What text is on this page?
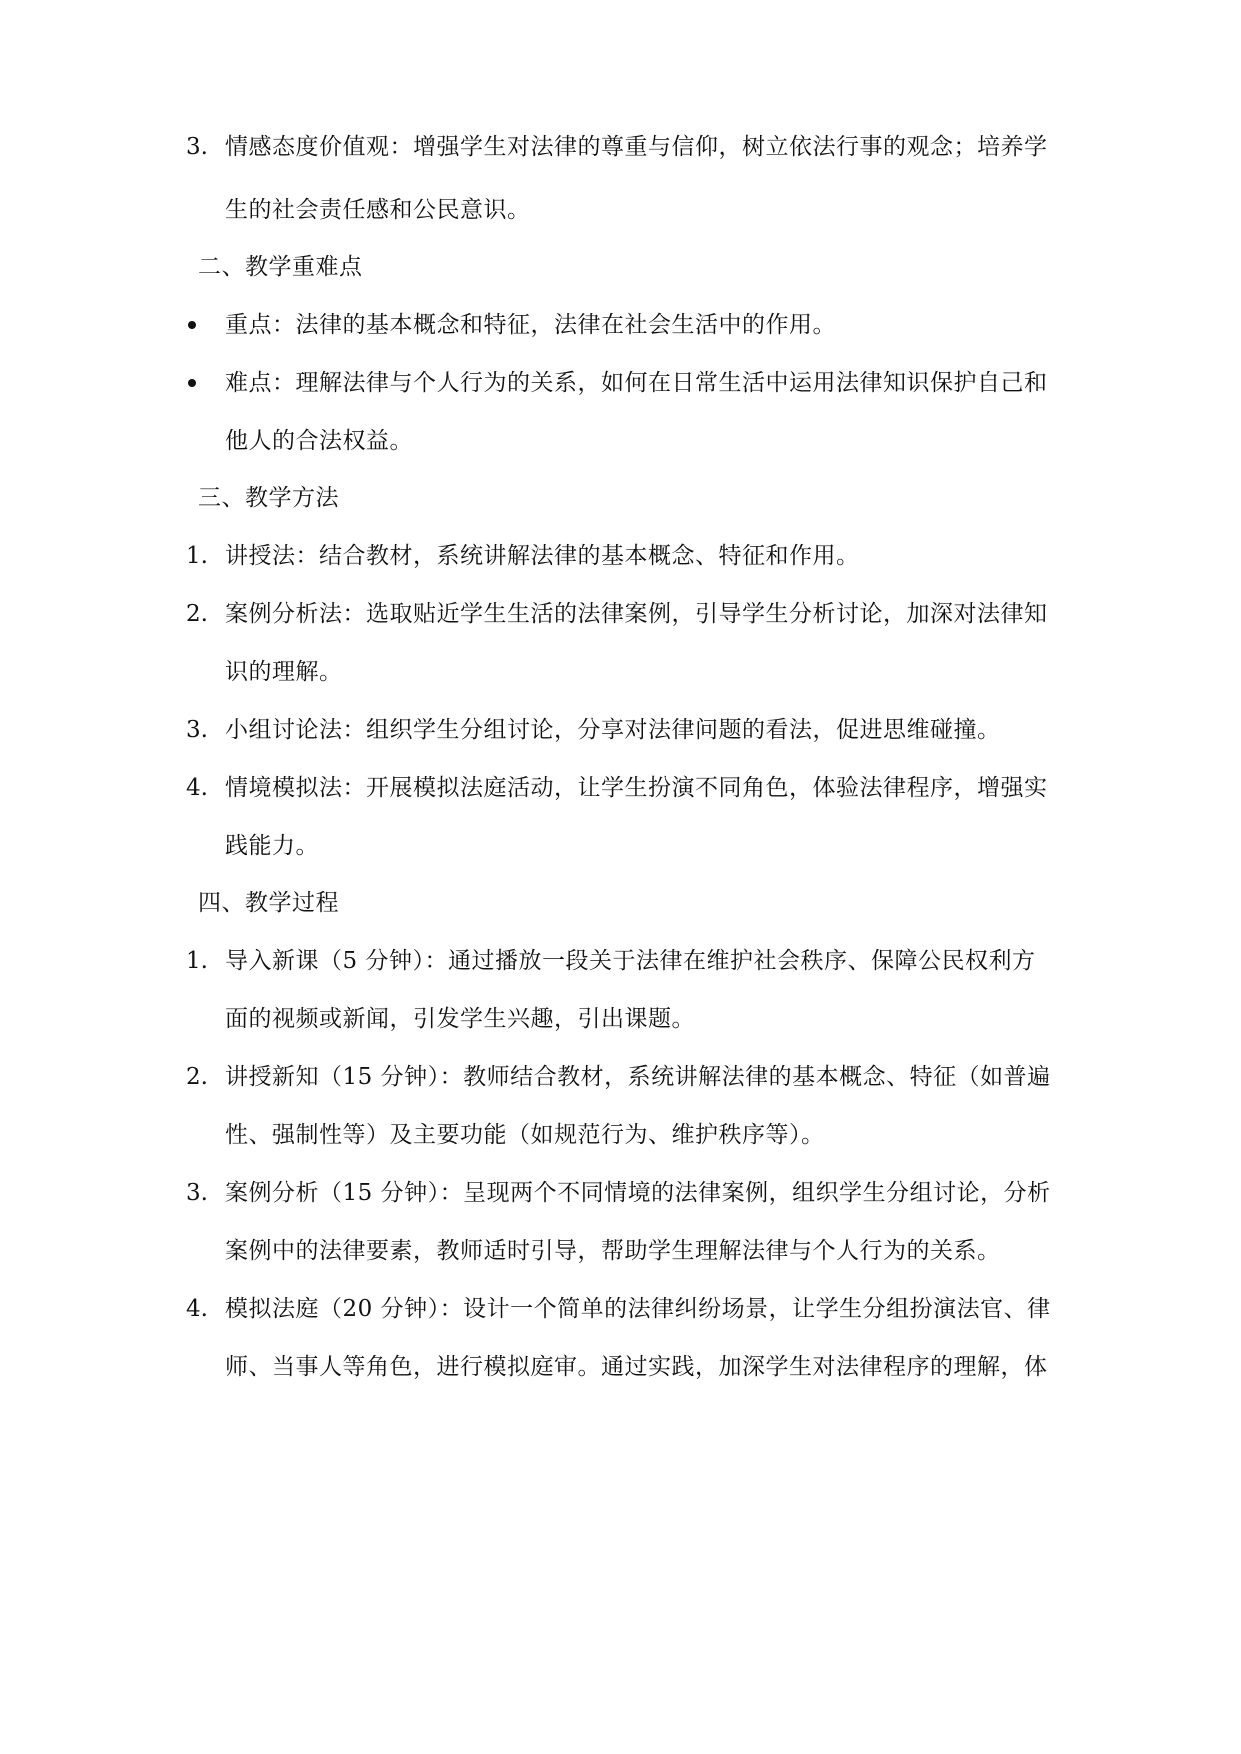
3. 情感态度价值观：增强学生对法律的尊重与信仰，树立依法行事的观念；培养学
生的社会责任感和公民意识。
二、教学重难点
重点：法律的基本概念和特征，法律在社会生活中的作用。
难点：理解法律与个人行为的关系，如何在日常生活中运用法律知识保护自己和
他人的合法权益。
三、教学方法
1. 讲授法：结合教材，系统讲解法律的基本概念、特征和作用。
2. 案例分析法：选取贴近学生生活的法律案例，引导学生分析讨论，加深对法律知
识的理解。
3. 小组讨论法：组织学生分组讨论，分享对法律问题的看法，促进思维碰撞。
4. 情境模拟法：开展模拟法庭活动，让学生扮演不同角色，体验法律程序，增强实
践能力。
四、教学过程
1. 导入新课（5 分钟）：通过播放一段关于法律在维护社会秩序、保障公民权利方
面的视频或新闻，引发学生兴趣，引出课题。
2. 讲授新知（15 分钟）：教师结合教材，系统讲解法律的基本概念、特征（如普遍
性、强制性等）及主要功能（如规范行为、维护秩序等）。
3. 案例分析（15 分钟）：呈现两个不同情境的法律案例，组织学生分组讨论，分析
案例中的法律要素，教师适时引导，帮助学生理解法律与个人行为的关系。
4. 模拟法庭（20 分钟）：设计一个简单的法律纠纷场景，让学生分组扮演法官、律
师、当事人等角色，进行模拟庭审。通过实践，加深学生对法律程序的理解，体
